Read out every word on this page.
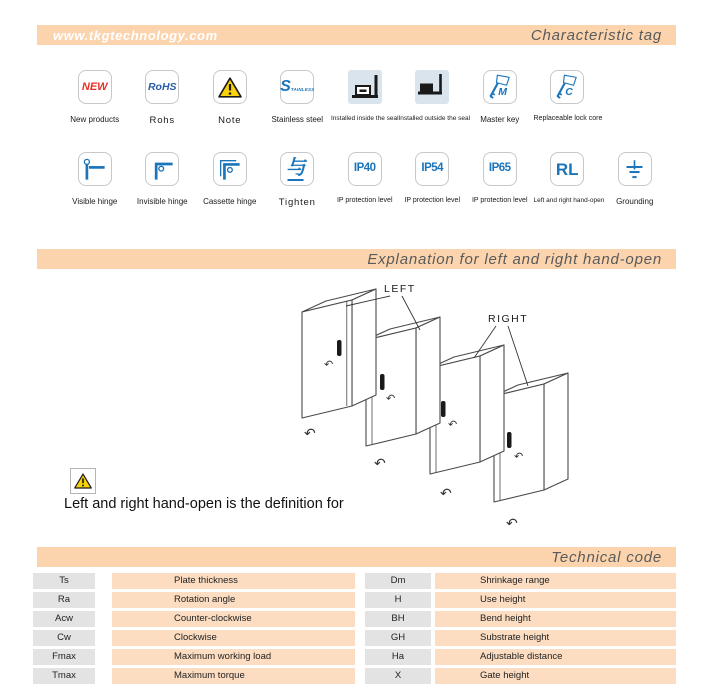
www.tkgtechnology.com	Characteristic tag
NEW
New products
RoHS
Rohs	Note
STAINLESS
Stainless steel	Installed inside the seal Installed outside the seal
M
Master key
C
Replaceable lock core
Visible hinge	Invisible hinge	Cassette hinge
与
Tighten
IP40
IP protection level
IP54
IP protection level
IP65
IP protection level
RL
Left and right hand-open	Grounding
Explanation for left and right hand-open
↶
↶
↶
↶
↶
↶
↶
↶
LEFT
RIGHT
Left and right hand-open is the definition for
Technical code
Ts	Plate thickness	Dm	Shrinkage range
Ra	Rotation angle	H	Use height
Acw	Counter-clockwise	BH	Bend height
Cw	Clockwise	GH	Substrate height
Fmax	Maximum working load	Ha	Adjustable distance
Tmax	Maximum torque	X	Gate height
